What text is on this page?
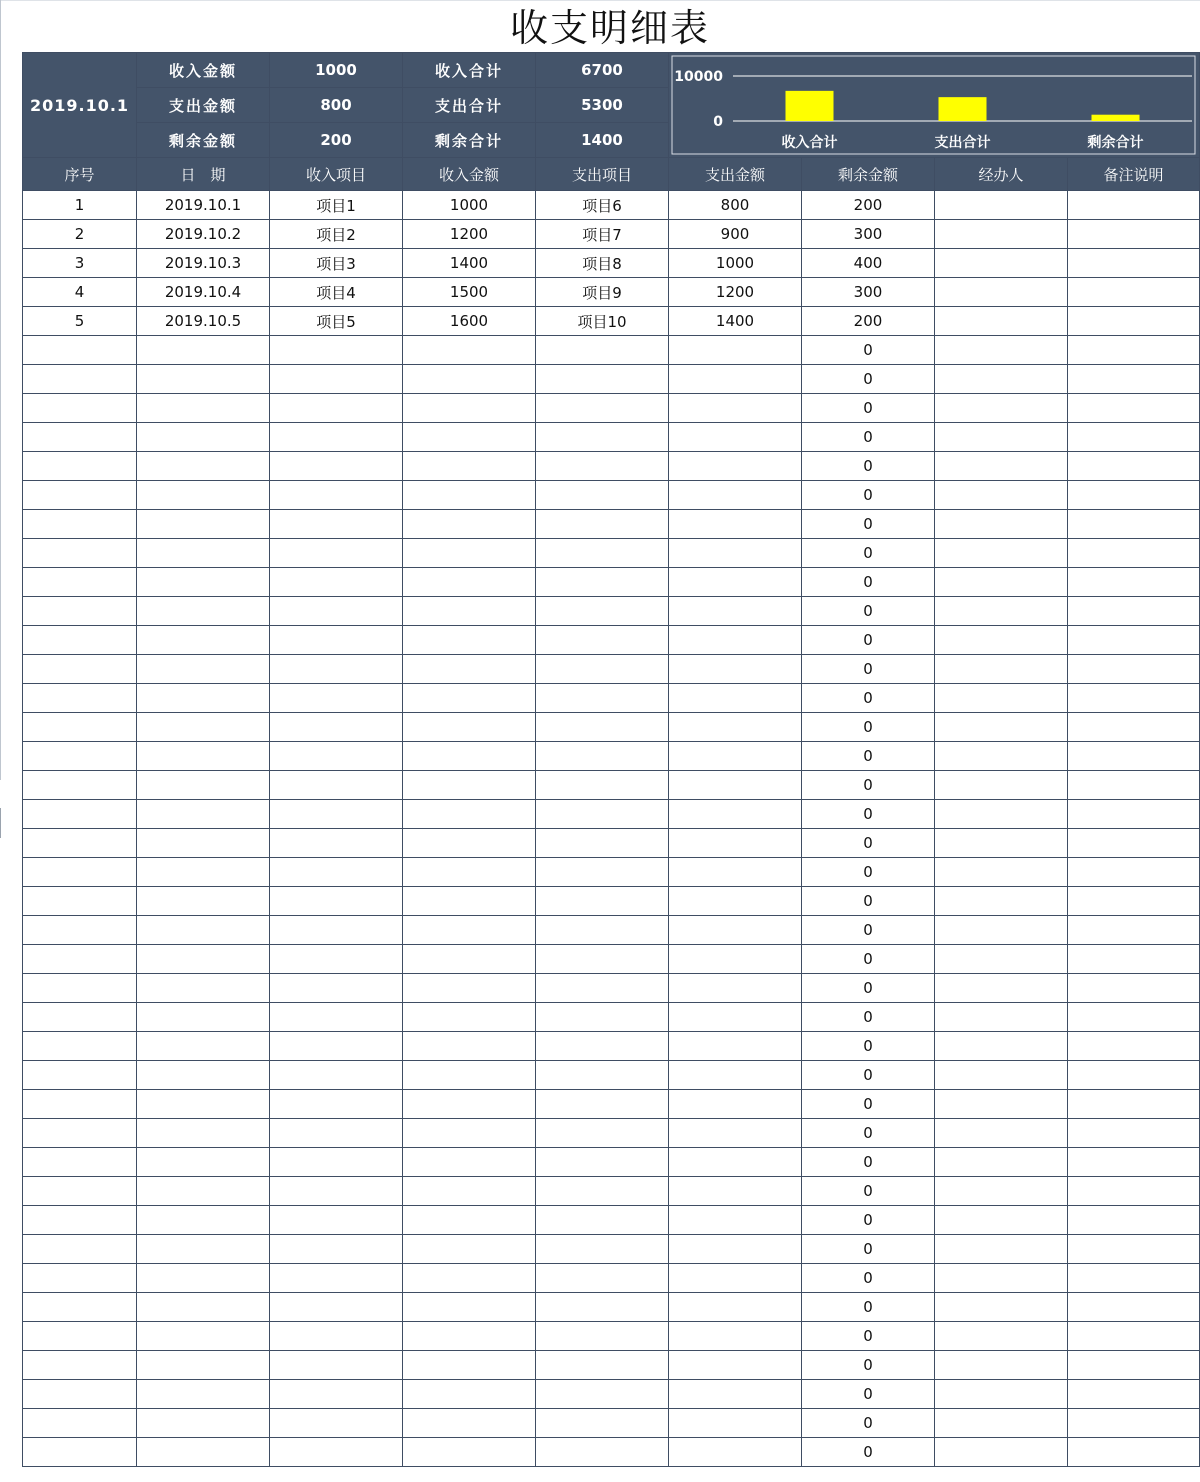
收支明细表
2019.10.1	收入金额	1000	收入合计	6700	10000
0
收入合计 支出合计 剩余合计			

	支出金额	800	支出合计	5300				
	剩余金额	200	剩余合计	1400				
序号	日　期	收入项目	收入金额	支出项目	支出金额	剩余金额	经办人	备注说明
1	2019.10.1	项目1	1000	项目6	800	200		
2	2019.10.2	项目2	1200	项目7	900	300		
3	2019.10.3	项目3	1400	项目8	1000	400		
4	2019.10.4	项目4	1500	项目9	1200	300		
5	2019.10.5	项目5	1600	项目10	1400	200		
						0		
						0		
						0		
						0		
						0		
						0		
						0		
						0		
						0		
						0		
						0		
						0		
						0		
						0		
						0		
						0		
						0		
						0		
						0		
						0		
						0		
						0		
						0		
						0		
						0		
						0		
						0		
						0		
						0		
						0		
						0		
						0		
						0		
						0		
						0		
						0		
						0		
						0		
						0		
